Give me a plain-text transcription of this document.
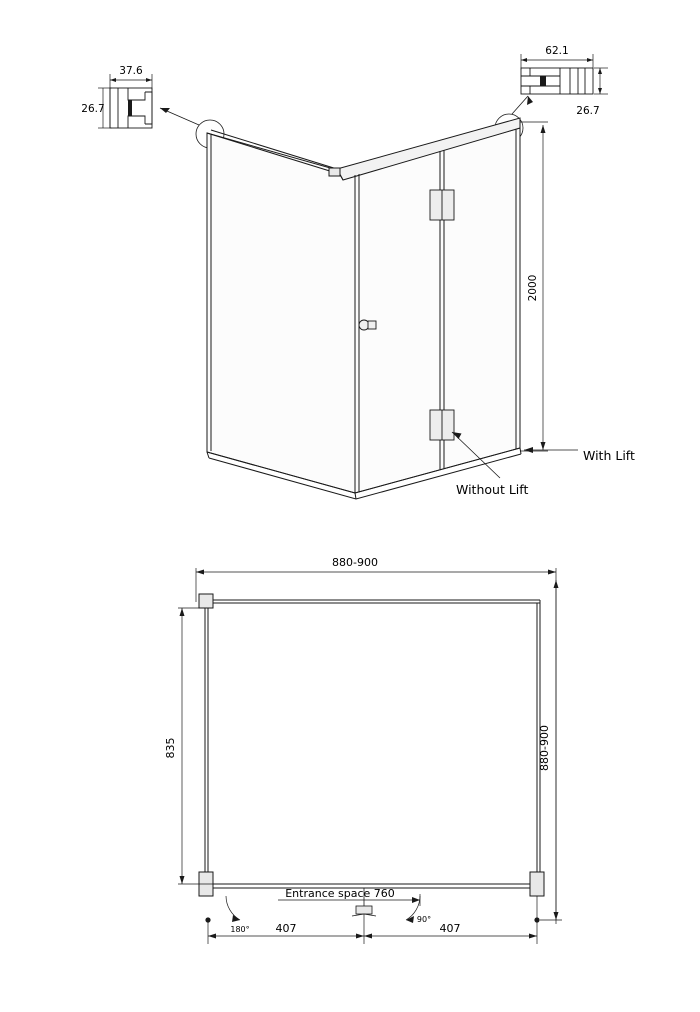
37.6
26.7
62.1
26.7
2000
With Lift
Without Lift
880-900
835	880-900
180°
90°
Entrance space 760
407	407
